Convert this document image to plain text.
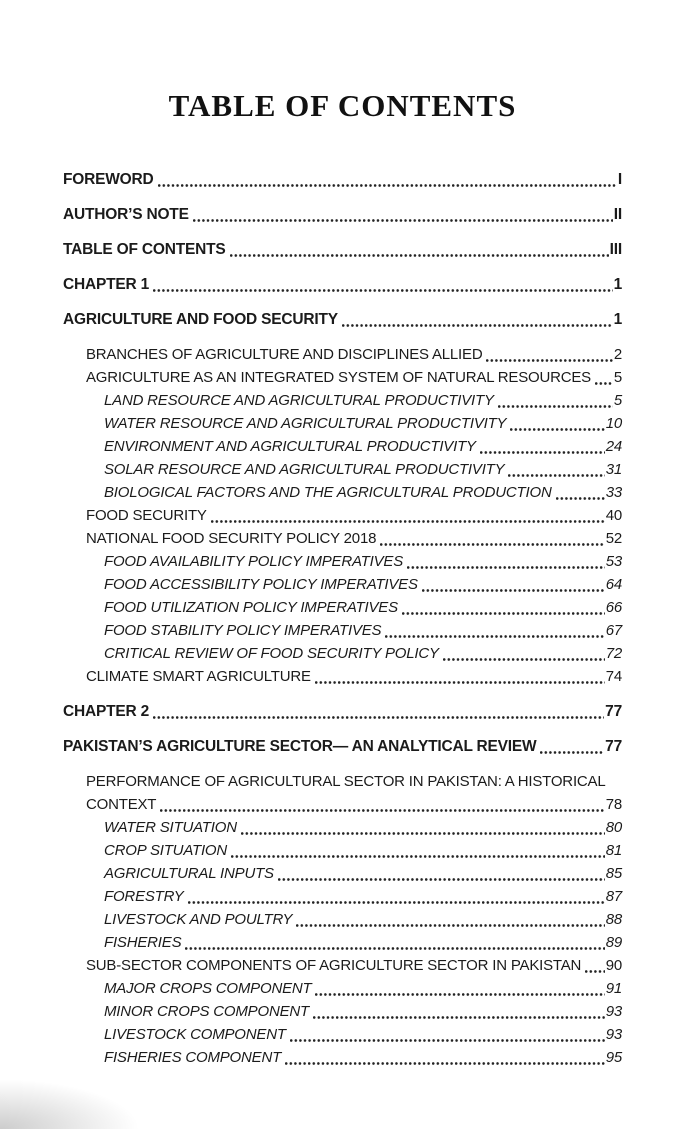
TABLE OF CONTENTS
FOREWORD	I
AUTHOR’S NOTE	II
TABLE OF CONTENTS	III
CHAPTER 1	1
AGRICULTURE AND FOOD SECURITY	1
BRANCHES OF AGRICULTURE AND DISCIPLINES ALLIED	2
AGRICULTURE AS AN INTEGRATED SYSTEM OF NATURAL RESOURCES 5
LAND RESOURCE AND AGRICULTURAL PRODUCTIVITY	5
WATER RESOURCE AND AGRICULTURAL PRODUCTIVITY	10
ENVIRONMENT AND AGRICULTURAL PRODUCTIVITY	24
SOLAR RESOURCE AND AGRICULTURAL PRODUCTIVITY	31
BIOLOGICAL FACTORS AND THE AGRICULTURAL PRODUCTION	33
FOOD SECURITY	40
NATIONAL FOOD SECURITY POLICY 2018	52
FOOD AVAILABILITY POLICY IMPERATIVES	53
FOOD ACCESSIBILITY POLICY IMPERATIVES	64
FOOD UTILIZATION POLICY IMPERATIVES	66
FOOD STABILITY POLICY IMPERATIVES	67
CRITICAL REVIEW OF FOOD SECURITY POLICY	72
CLIMATE SMART AGRICULTURE	74
CHAPTER 2	77
PAKISTAN’S AGRICULTURE SECTOR— AN ANALYTICAL REVIEW	77
PERFORMANCE OF AGRICULTURAL SECTOR IN PAKISTAN: A HISTORICAL
CONTEXT	78
WATER SITUATION	80
CROP SITUATION	81
AGRICULTURAL INPUTS	85
FORESTRY	87
LIVESTOCK AND POULTRY	88
FISHERIES	89
SUB-SECTOR COMPONENTS OF AGRICULTURE SECTOR IN PAKISTAN 90
MAJOR CROPS COMPONENT	91
MINOR CROPS COMPONENT	93
LIVESTOCK COMPONENT	93
FISHERIES COMPONENT	95
